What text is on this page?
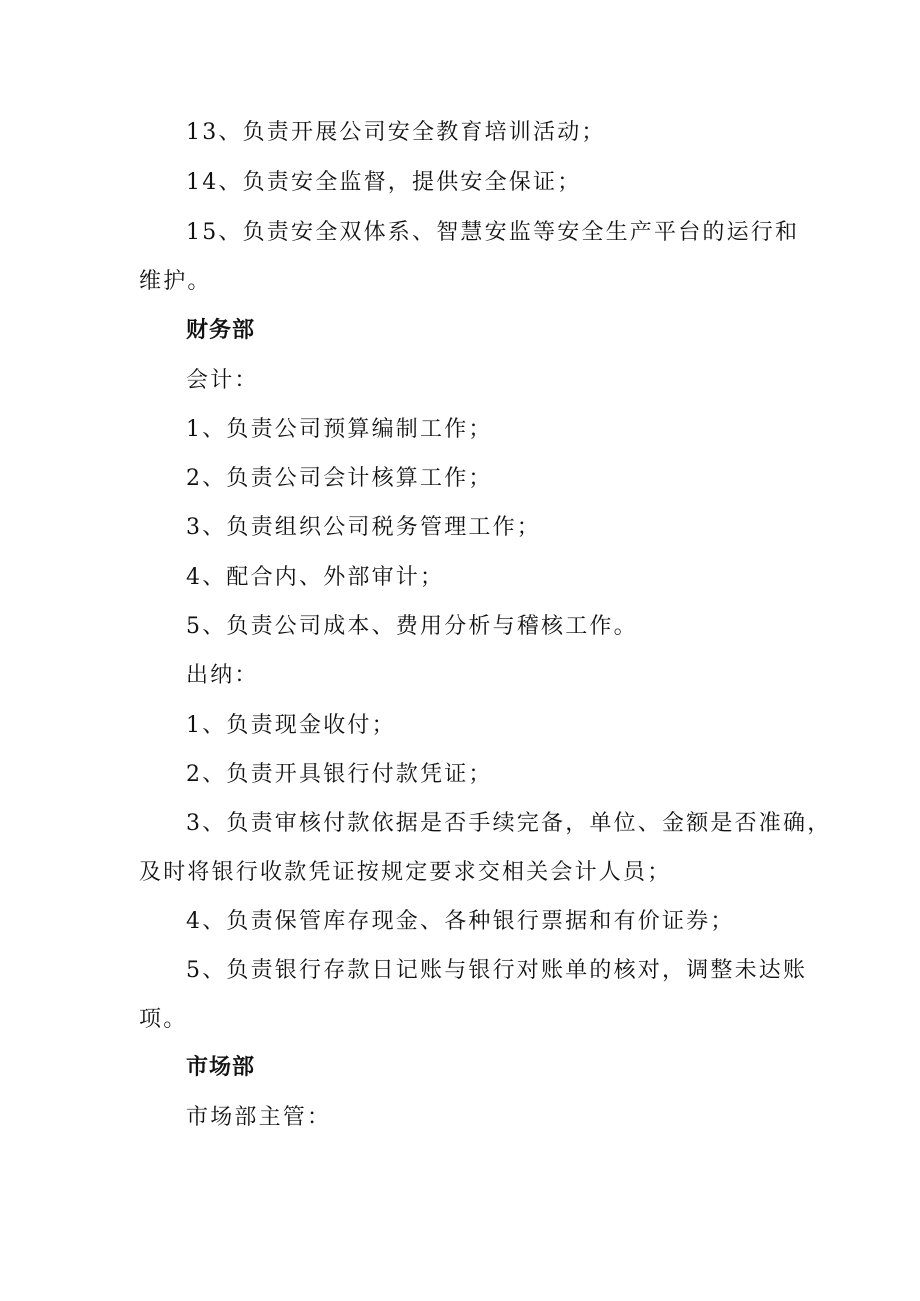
13、负责开展公司安全教育培训活动；
14、负责安全监督，提供安全保证；
15、负责安全双体系、智慧安监等安全生产平台的运行和
维护。
财务部
会计：
1、负责公司预算编制工作；
2、负责公司会计核算工作；
3、负责组织公司税务管理工作；
4、配合内、外部审计；
5、负责公司成本、费用分析与稽核工作。
出纳：
1、负责现金收付；
2、负责开具银行付款凭证；
3、负责审核付款依据是否手续完备，单位、金额是否准确，
及时将银行收款凭证按规定要求交相关会计人员；
4、负责保管库存现金、各种银行票据和有价证券；
5、负责银行存款日记账与银行对账单的核对，调整未达账
项。
市场部
市场部主管：
